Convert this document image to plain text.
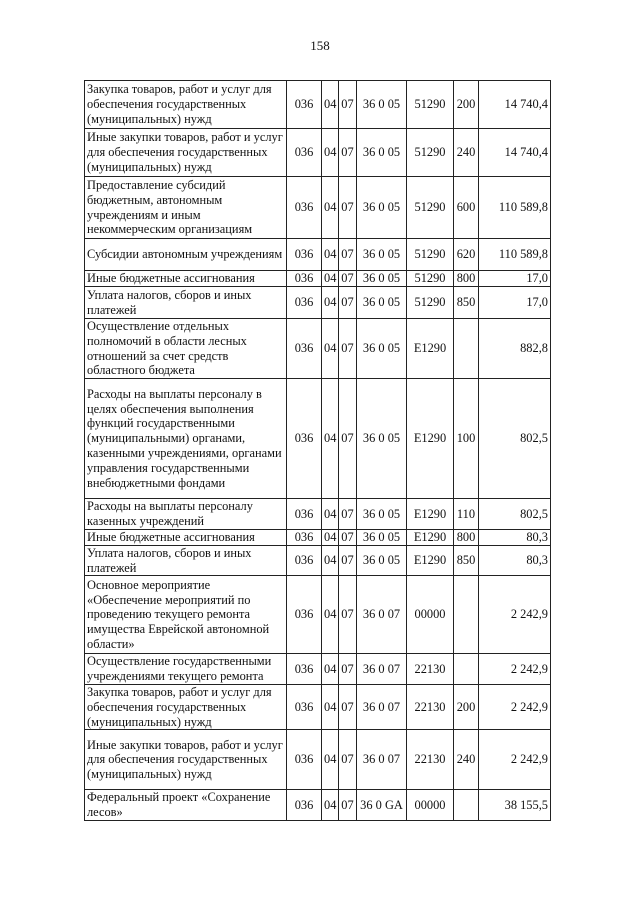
158
Закупка товаров, работ и услуг для обеспечения государственных (муниципальных) нужд	036	04	07	36 0 05	51290	200	14 740,4
Иные закупки товаров, работ и услуг для обеспечения государственных (муниципальных) нужд	036	04	07	36 0 05	51290	240	14 740,4
Предоставление субсидий бюджетным, автономным учреждениям и иным некоммерческим организациям	036	04	07	36 0 05	51290	600	110 589,8
Субсидии автономным учреждениям	036	04	07	36 0 05	51290	620	110 589,8
Иные бюджетные ассигнования	036	04	07	36 0 05	51290	800	17,0
Уплата налогов, сборов и иных платежей	036	04	07	36 0 05	51290	850	17,0
Осуществление отдельных полномочий в области лесных отношений за счет средств областного бюджета	036	04	07	36 0 05	E1290		882,8
Расходы на выплаты персоналу в целях обеспечения выполнения функций государственными (муниципальными) органами, казенными учреждениями, органами управления государственными внебюджетными фондами	036	04	07	36 0 05	E1290	100	802,5
Расходы на выплаты персоналу казенных учреждений	036	04	07	36 0 05	E1290	110	802,5
Иные бюджетные ассигнования	036	04	07	36 0 05	E1290	800	80,3
Уплата налогов, сборов и иных платежей	036	04	07	36 0 05	E1290	850	80,3
Основное мероприятие «Обеспечение мероприятий по проведению текущего ремонта имущества Еврейской автономной области»	036	04	07	36 0 07	00000		2 242,9
Осуществление государственными учреждениями текущего ремонта	036	04	07	36 0 07	22130		2 242,9
Закупка товаров, работ и услуг для обеспечения государственных (муниципальных) нужд	036	04	07	36 0 07	22130	200	2 242,9
Иные закупки товаров, работ и услуг для обеспечения государственных (муниципальных) нужд	036	04	07	36 0 07	22130	240	2 242,9
Федеральный проект «Сохранение лесов»	036	04	07	36 0 GA	00000		38 155,5
